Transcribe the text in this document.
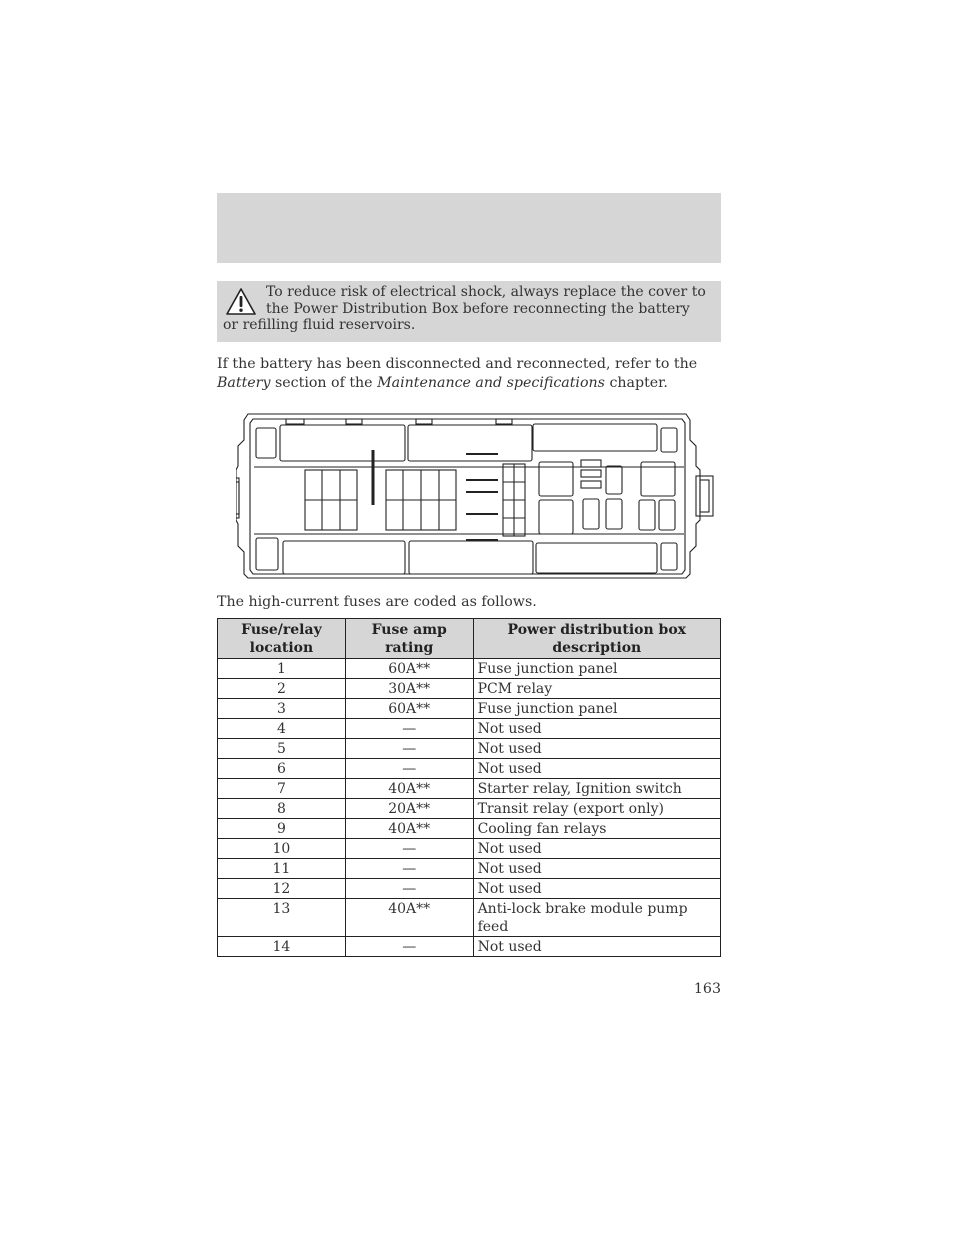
To reduce risk of electrical shock, always replace the cover to the Power Distribution Box before reconnecting the battery or refilling fluid reservoirs.

If the battery has been disconnected and reconnected, refer to the Battery section of the Maintenance and specifications chapter.

The high-current fuses are coded as follows.

Fuse/relay location	Fuse amp rating	Power distribution box description
1	60A**	Fuse junction panel
2	30A**	PCM relay
3	60A**	Fuse junction panel
4	—	Not used
5	—	Not used
6	—	Not used
7	40A**	Starter relay, Ignition switch
8	20A**	Transit relay (export only)
9	40A**	Cooling fan relays
10	—	Not used
11	—	Not used
12	—	Not used
13	40A**	Anti-lock brake module pump feed
14	—	Not used
163
